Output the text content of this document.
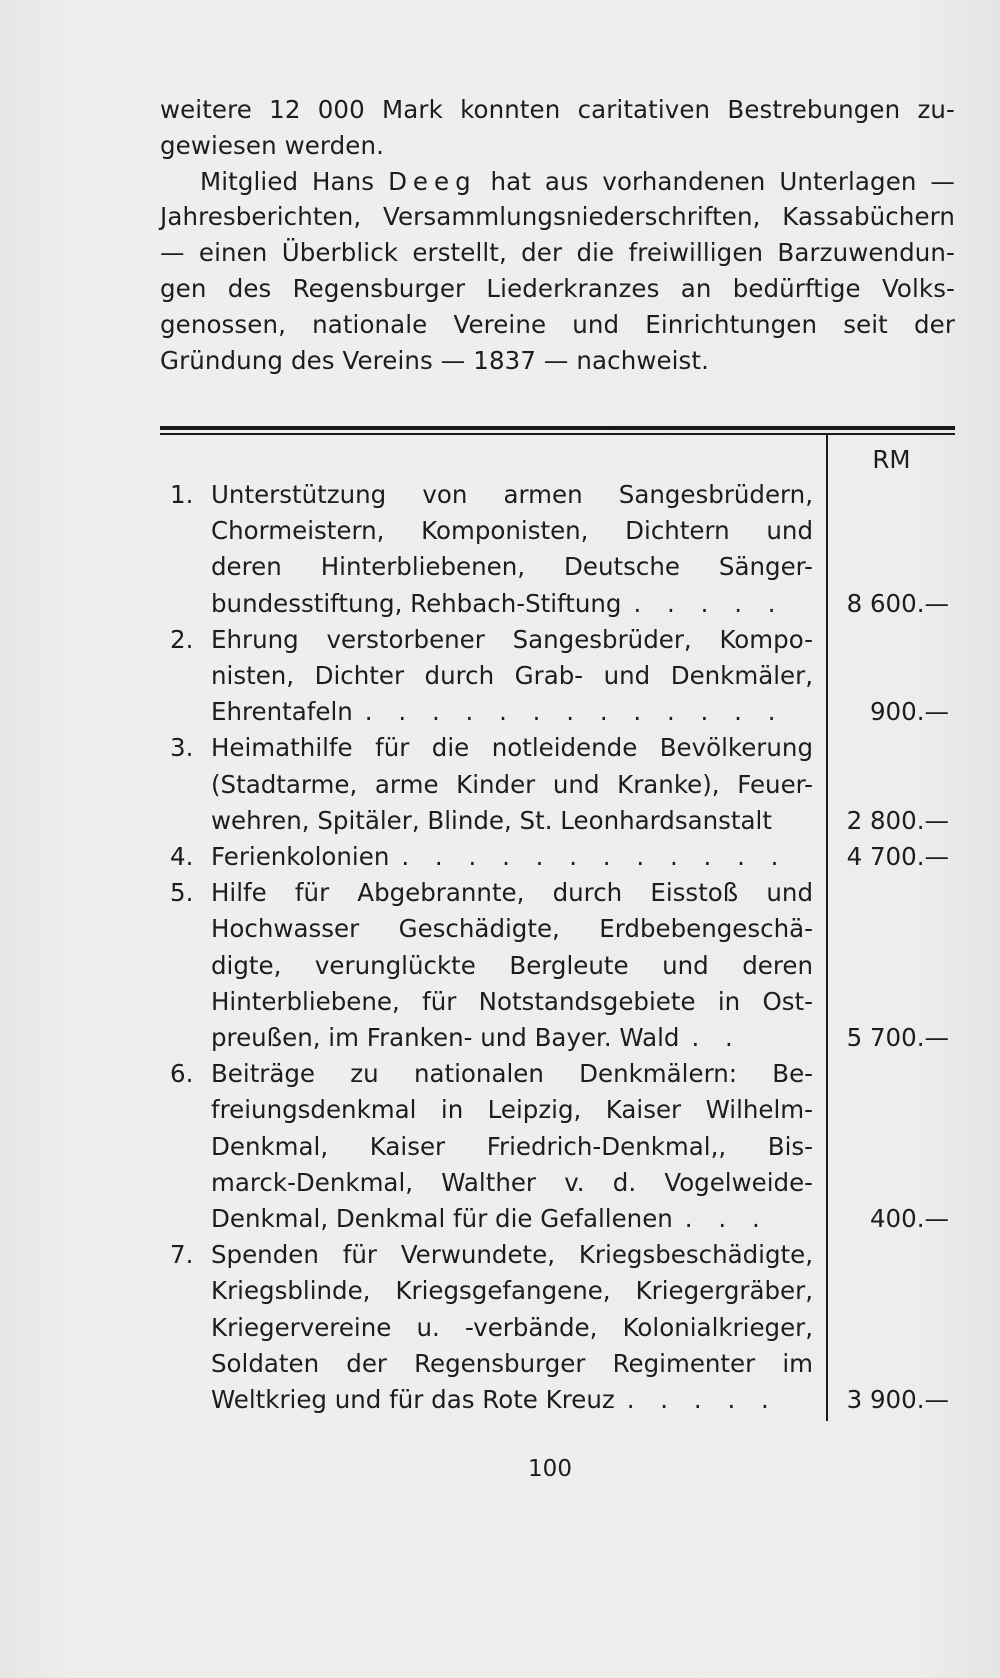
weitere 12 000 Mark konnten caritativen Bestrebungen zu-
gewiesen werden.

Mitglied Hans Deeg hat aus vorhandenen Unterlagen —
Jahresberichten, Versammlungsniederschriften, Kassabüchern
— einen Überblick erstellt, der die freiwilligen Barzuwendun-
gen des Regensburger Liederkranzes an bedürftige Volks-
genossen, nationale Vereine und Einrichtungen seit der
Gründung des Vereins — 1837 — nachweist.

RM
1. Unterstützung von armen Sangesbrüdern,
Chormeistern, Komponisten, Dichtern und
deren Hinterbliebenen, Deutsche Sänger-
bundesstiftung, Rehbach-Stiftung . . . . .	8 600.—
2. Ehrung verstorbener Sangesbrüder, Kompo-
nisten, Dichter durch Grab- und Denkmäler,
Ehrentafeln . . . . . . . . . . . . .	900.—
3. Heimathilfe für die notleidende Bevölkerung
(Stadtarme, arme Kinder und Kranke), Feuer-
wehren, Spitäler, Blinde, St. Leonhardsanstalt	2 800.—
4. Ferienkolonien . . . . . . . . . . . .	4 700.—
5. Hilfe für Abgebrannte, durch Eisstoß und
Hochwasser Geschädigte, Erdbebengeschä-
digte, verunglückte Bergleute und deren
Hinterbliebene, für Notstandsgebiete in Ost-
preußen, im Franken- und Bayer. Wald . .	5 700.—
6. Beiträge zu nationalen Denkmälern: Be-
freiungsdenkmal in Leipzig, Kaiser Wilhelm-
Denkmal, Kaiser Friedrich-Denkmal,, Bis-
marck-Denkmal, Walther v. d. Vogelweide-
Denkmal, Denkmal für die Gefallenen . . .	400.—
7. Spenden für Verwundete, Kriegsbeschädigte,
Kriegsblinde, Kriegsgefangene, Kriegergräber,
Kriegervereine u. -verbände, Kolonialkrieger,
Soldaten der Regensburger Regimenter im
Weltkrieg und für das Rote Kreuz . . . . .	3 900.—
100
